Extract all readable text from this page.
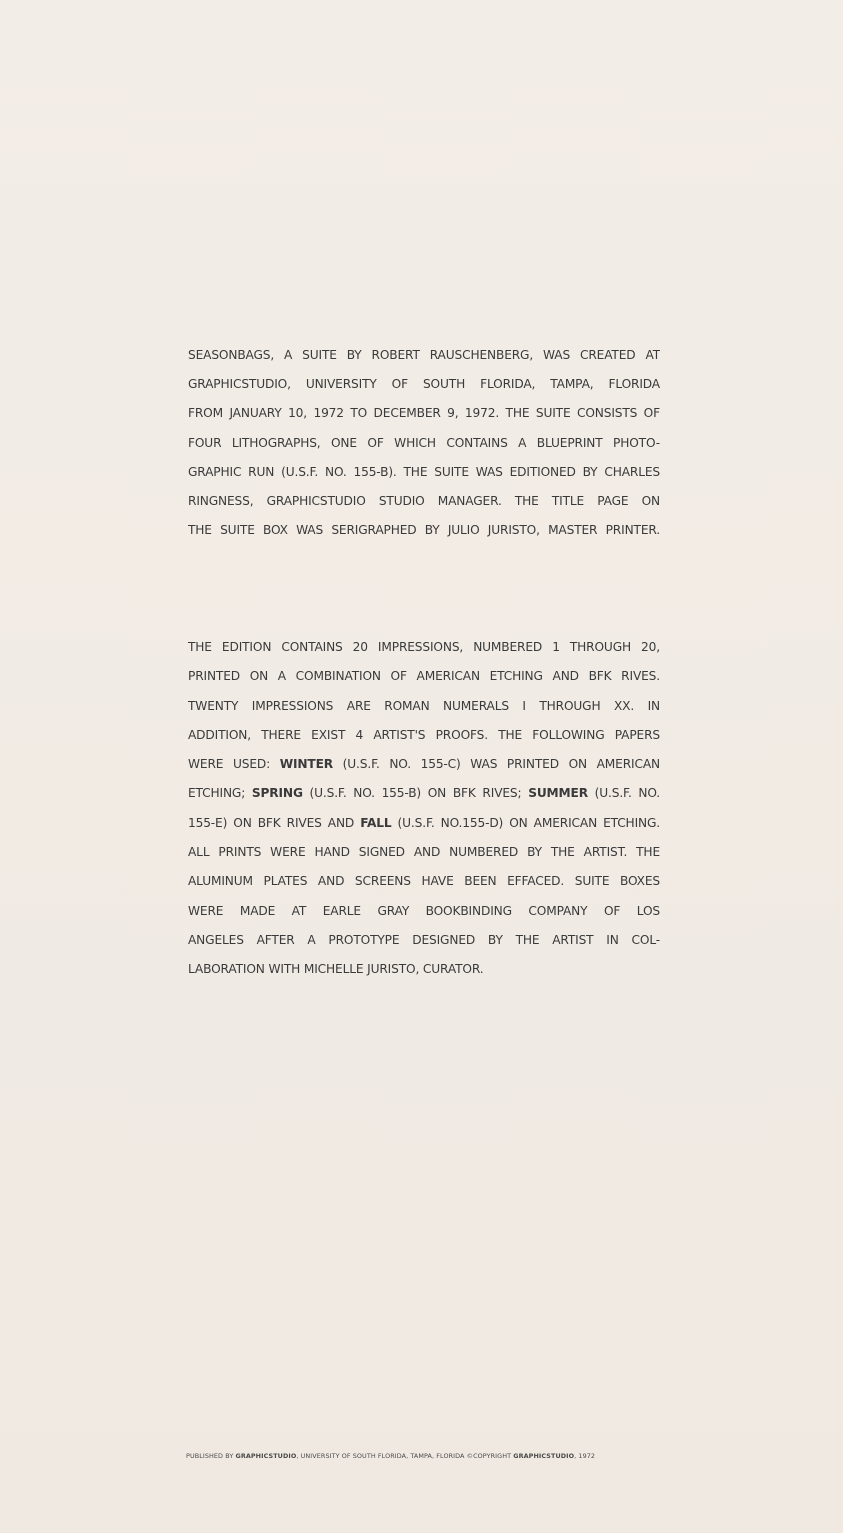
SEASONBAGS, A SUITE BY ROBERT RAUSCHENBERG, WAS CREATED AT
GRAPHICSTUDIO, UNIVERSITY OF SOUTH FLORIDA, TAMPA, FLORIDA
FROM JANUARY 10, 1972 TO DECEMBER 9, 1972. THE SUITE CONSISTS OF
FOUR LITHOGRAPHS, ONE OF WHICH CONTAINS A BLUEPRINT PHOTO-
GRAPHIC RUN (U.S.F. NO. 155-B). THE SUITE WAS EDITIONED BY CHARLES
RINGNESS, GRAPHICSTUDIO STUDIO MANAGER. THE TITLE PAGE ON
THE SUITE BOX WAS SERIGRAPHED BY JULIO JURISTO, MASTER PRINTER.
THE EDITION CONTAINS 20 IMPRESSIONS, NUMBERED 1 THROUGH 20,
PRINTED ON A COMBINATION OF AMERICAN ETCHING AND BFK RIVES.
TWENTY IMPRESSIONS ARE ROMAN NUMERALS I THROUGH XX. IN
ADDITION, THERE EXIST 4 ARTIST'S PROOFS. THE FOLLOWING PAPERS
WERE USED: WINTER (U.S.F. NO. 155-C) WAS PRINTED ON AMERICAN
ETCHING; SPRING (U.S.F. NO. 155-B) ON BFK RIVES; SUMMER (U.S.F. NO.
155-E) ON BFK RIVES AND FALL (U.S.F. NO.155-D) ON AMERICAN ETCHING.
ALL PRINTS WERE HAND SIGNED AND NUMBERED BY THE ARTIST. THE
ALUMINUM PLATES AND SCREENS HAVE BEEN EFFACED. SUITE BOXES
WERE MADE AT EARLE GRAY BOOKBINDING COMPANY OF LOS
ANGELES AFTER A PROTOTYPE DESIGNED BY THE ARTIST IN COL-
LABORATION WITH MICHELLE JURISTO, CURATOR.
PUBLISHED BY GRAPHICSTUDIO, UNIVERSITY OF SOUTH FLORIDA, TAMPA, FLORIDA ©COPYRIGHT GRAPHICSTUDIO, 1972
